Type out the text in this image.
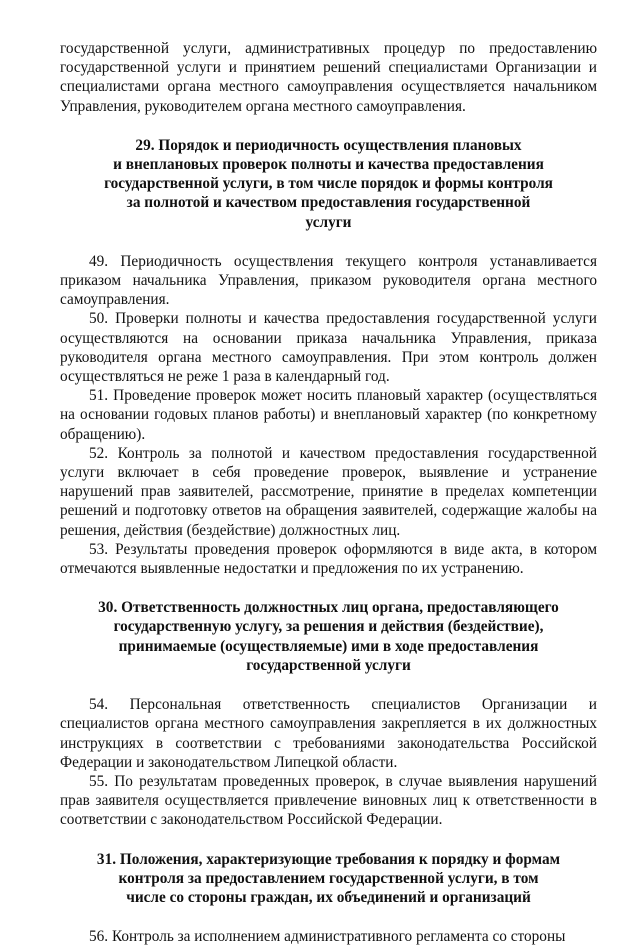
государственной услуги, административных процедур по предоставлению государственной услуги и принятием решений специалистами Организации и специалистами органа местного самоуправления осуществляется начальником Управления, руководителем органа местного самоуправления.

29. Порядок и периодичность осуществления плановых
и внеплановых проверок полноты и качества предоставления
государственной услуги, в том числе порядок и формы контроля
за полнотой и качеством предоставления государственной
услуги

49. Периодичность осуществления текущего контроля устанавливается приказом начальника Управления, приказом руководителя органа местного самоуправления.

50. Проверки полноты и качества предоставления государственной услуги осуществляются на основании приказа начальника Управления, приказа руководителя органа местного самоуправления. При этом контроль должен осуществляться не реже 1 раза в календарный год.

51. Проведение проверок может носить плановый характер (осуществляться на основании годовых планов работы) и внеплановый характер (по конкретному обращению).

52. Контроль за полнотой и качеством предоставления государственной услуги включает в себя проведение проверок, выявление и устранение нарушений прав заявителей, рассмотрение, принятие в пределах компетенции решений и подготовку ответов на обращения заявителей, содержащие жалобы на решения, действия (бездействие) должностных лиц.

53. Результаты проведения проверок оформляются в виде акта, в котором отмечаются выявленные недостатки и предложения по их устранению.

30. Ответственность должностных лиц органа, предоставляющего
государственную услугу, за решения и действия (бездействие),
принимаемые (осуществляемые) ими в ходе предоставления
государственной услуги

54. Персональная ответственность специалистов Организации и специалистов органа местного самоуправления закрепляется в их должностных инструкциях в соответствии с требованиями законодательства Российской Федерации и законодательством Липецкой области.

55. По результатам проведенных проверок, в случае выявления нарушений прав заявителя осуществляется привлечение виновных лиц к ответственности в соответствии с законодательством Российской Федерации.

31. Положения, характеризующие требования к порядку и формам
контроля за предоставлением государственной услуги, в том
числе со стороны граждан, их объединений и организаций

56. Контроль за исполнением административного регламента со стороны
